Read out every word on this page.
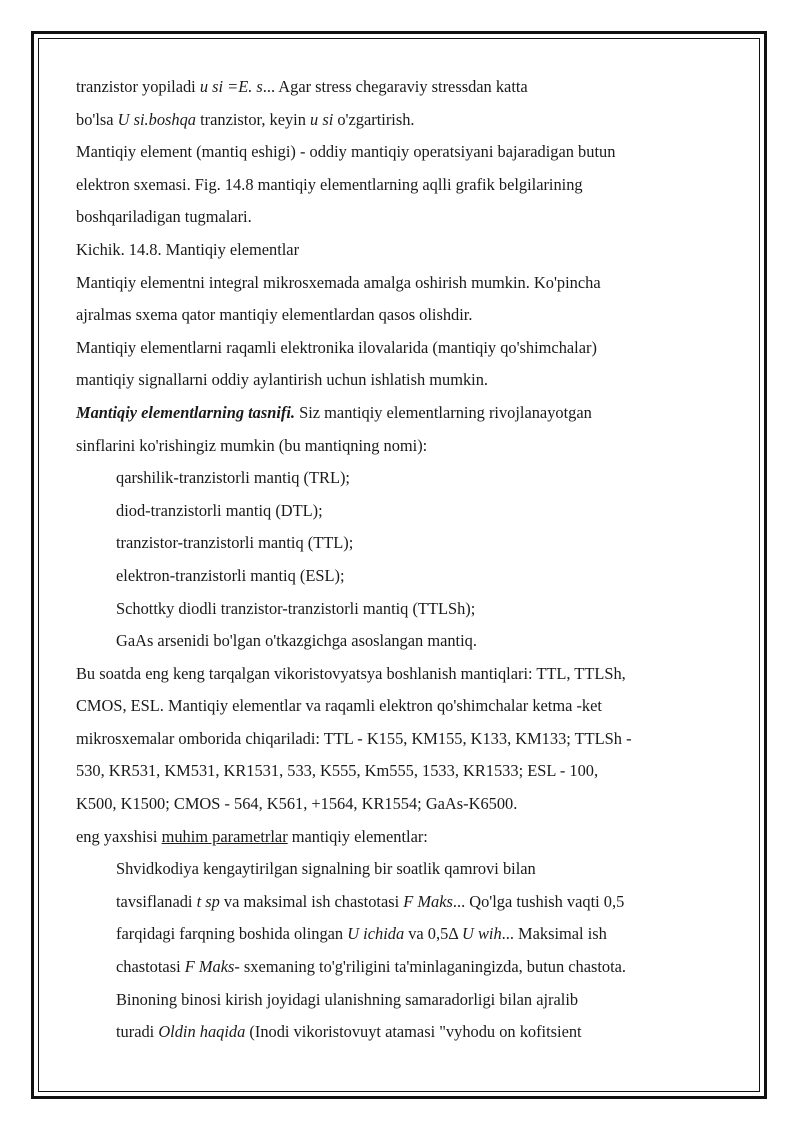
tranzistor yopiladi u si =E. s... Agar stress chegaraviy stressdan katta
bo'lsa U si.boshqa tranzistor, keyin u si o'zgartirish.
Mantiqiy element (mantiq eshigi) - oddiy mantiqiy operatsiyani bajaradigan butun
elektron sxemasi. Fig. 14.8 mantiqiy elementlarning aqlli grafik belgilarining
boshqariladigan tugmalari.
Kichik. 14.8. Mantiqiy elementlar
Mantiqiy elementni integral mikrosxemada amalga oshirish mumkin. Ko'pincha
ajralmas sxema qator mantiqiy elementlardan qasos olishdir.
Mantiqiy elementlarni raqamli elektronika ilovalarida (mantiqiy qo'shimchalar)
mantiqiy signallarni oddiy aylantirish uchun ishlatish mumkin.
Mantiqiy elementlarning tasnifi. Siz mantiqiy elementlarning rivojlanayotgan
sinflarini ko'rishingiz mumkin (bu mantiqning nomi):
qarshilik-tranzistorli mantiq (TRL);
diod-tranzistorli mantiq (DTL);
tranzistor-tranzistorli mantiq (TTL);
elektron-tranzistorli mantiq (ESL);
Schottky diodli tranzistor-tranzistorli mantiq (TTLSh);
GaAs arsenidi bo'lgan o'tkazgichga asoslangan mantiq.
Bu soatda eng keng tarqalgan vikoristovyatsya boshlanish mantiqlari: TTL, TTLSh,
CMOS, ESL. Mantiqiy elementlar va raqamli elektron qo'shimchalar ketma -ket
mikrosxemalar omborida chiqariladi: TTL - K155, KM155, K133, KM133; TTLSh -
530, KR531, KM531, KR1531, 533, K555, Km555, 1533, KR1533; ESL - 100,
K500, K1500; CMOS - 564, K561, +1564, KR1554; GaAs-K6500.
eng yaxshisi muhim parametrlar mantiqiy elementlar:
Shvidkodiya kengaytirilgan signalning bir soatlik qamrovi bilan
tavsiflanadi t sp va maksimal ish chastotasi F Maks... Qo'lga tushish vaqti 0,5
farqidagi farqning boshida olingan U ichida va 0,5Δ U wih... Maksimal ish
chastotasi F Maks- sxemaning to'g'riligini ta'minlaganingizda, butun chastota.
Binoning binosi kirish joyidagi ulanishning samaradorligi bilan ajralib
turadi Oldin haqida (Inodi vikoristovuyt atamasi "vyhodu on kofitsient
